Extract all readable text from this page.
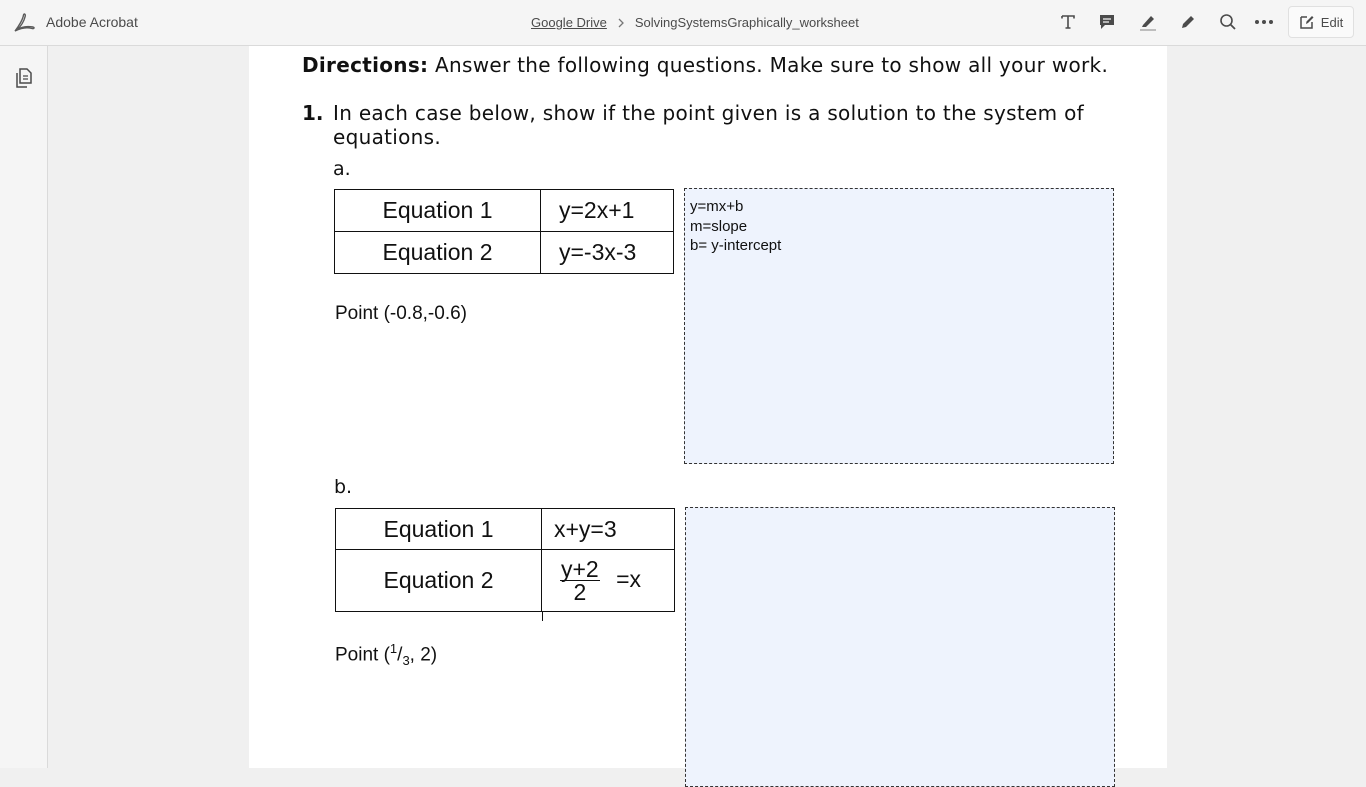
Adobe Acrobat	Google Drive SolvingSystemsGraphically_worksheet	Edit
Directions: Answer the following questions. Make sure to show all your work.
1. In each case below, show if the point given is a solution to the system of equations.
a.
Equation 1	y=2x+1
Equation 2	y=-3x-3
Point (-0.8,-0.6)
y=mx+b
m=slope
b= y-intercept
b.
Equation 1	x+y=3
Equation 2	$\frac{y+2}{2} =x$
Point ($^1/_3$, 2)
